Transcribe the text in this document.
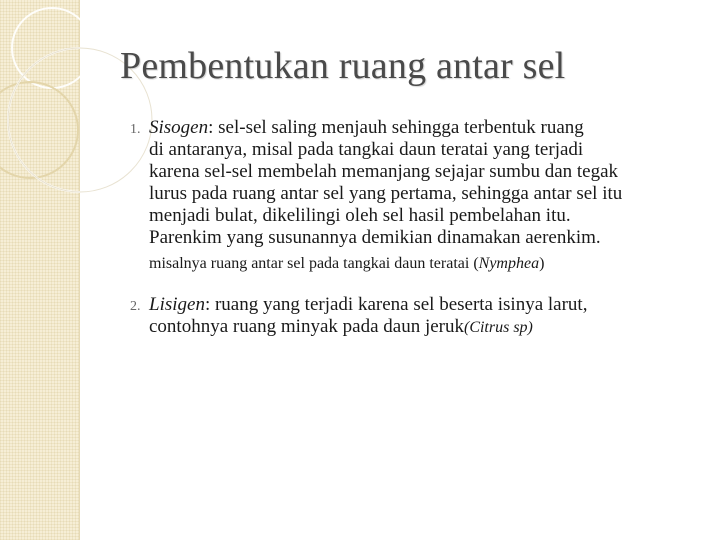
Pembentukan ruang antar sel
1. Sisogen: sel-sel saling menjauh sehingga terbentuk ruang
di antaranya, misal pada tangkai daun teratai yang terjadi
karena sel-sel membelah memanjang sejajar sumbu dan tegak
lurus pada ruang antar sel yang pertama, sehingga antar sel itu
menjadi bulat, dikelilingi oleh sel hasil pembelahan itu.
Parenkim yang susunannya demikian dinamakan aerenkim.
misalnya ruang antar sel pada tangkai daun teratai (Nymphea)
2. Lisigen: ruang yang terjadi karena sel beserta isinya larut,
contohnya ruang minyak pada daun jeruk(Citrus sp)
